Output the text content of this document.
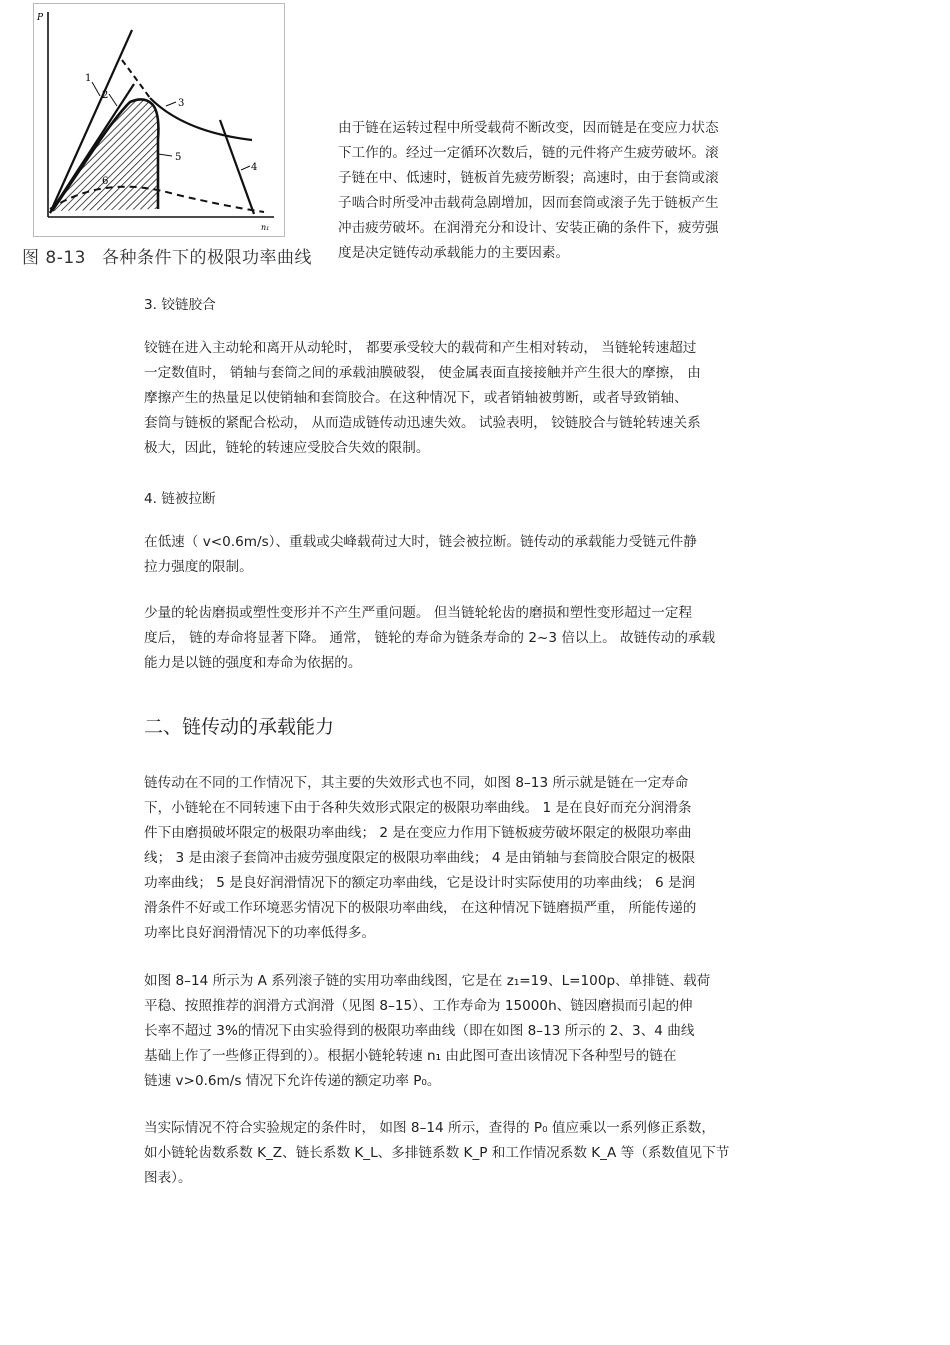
P
n₁
1
2
3
5
4
6
图 8-13 各种条件下的极限功率曲线
由于链在运转过程中所受载荷不断改变，因而链是在变应力状态
下工作的。经过一定循环次数后，链的元件将产生疲劳破坏。滚
子链在中、低速时，链板首先疲劳断裂；高速时，由于套筒或滚
子啮合时所受冲击载荷急剧增加，因而套筒或滚子先于链板产生
冲击疲劳破坏。在润滑充分和设计、安装正确的条件下，疲劳强
度是决定链传动承载能力的主要因素。
3. 铰链胶合
铰链在进入主动轮和离开从动轮时， 都要承受较大的载荷和产生相对转动， 当链轮转速超过
一定数值时， 销轴与套筒之间的承载油膜破裂， 使金属表面直接接触并产生很大的摩擦， 由
摩擦产生的热量足以使销轴和套筒胶合。在这种情况下，或者销轴被剪断，或者导致销轴、
套筒与链板的紧配合松动， 从而造成链传动迅速失效。 试验表明， 铰链胶合与链轮转速关系
极大，因此，链轮的转速应受胶合失效的限制。
4. 链被拉断
在低速（ v<0.6m/s）、重载或尖峰载荷过大时，链会被拉断。链传动的承载能力受链元件静
拉力强度的限制。
少量的轮齿磨损或塑性变形并不产生严重问题。 但当链轮轮齿的磨损和塑性变形超过一定程
度后， 链的寿命将显著下降。 通常， 链轮的寿命为链条寿命的 2~3 倍以上。 故链传动的承载
能力是以链的强度和寿命为依据的。
二、链传动的承载能力
链传动在不同的工作情况下，其主要的失效形式也不同，如图 8–13 所示就是链在一定寿命
下，小链轮在不同转速下由于各种失效形式限定的极限功率曲线。 1 是在良好而充分润滑条
件下由磨损破坏限定的极限功率曲线； 2 是在变应力作用下链板疲劳破坏限定的极限功率曲
线； 3 是由滚子套筒冲击疲劳强度限定的极限功率曲线； 4 是由销轴与套筒胶合限定的极限
功率曲线； 5 是良好润滑情况下的额定功率曲线，它是设计时实际使用的功率曲线； 6 是润
滑条件不好或工作环境恶劣情况下的极限功率曲线， 在这种情况下链磨损严重， 所能传递的
功率比良好润滑情况下的功率低得多。
如图 8–14 所示为 A 系列滚子链的实用功率曲线图，它是在 z₁=19、L=100p、单排链、载荷
平稳、按照推荐的润滑方式润滑（见图 8–15）、工作寿命为 15000h、链因磨损而引起的伸
长率不超过 3%的情况下由实验得到的极限功率曲线（即在如图 8–13 所示的 2、3、4 曲线
基础上作了一些修正得到的）。根据小链轮转速 n₁ 由此图可查出该情况下各种型号的链在
链速 v>0.6m/s 情况下允许传递的额定功率 P₀。
当实际情况不符合实验规定的条件时， 如图 8–14 所示，查得的 P₀ 值应乘以一系列修正系数，
如小链轮齿数系数 K_Z、链长系数 K_L、多排链系数 K_P 和工作情况系数 K_A 等（系数值见下节
图表）。
